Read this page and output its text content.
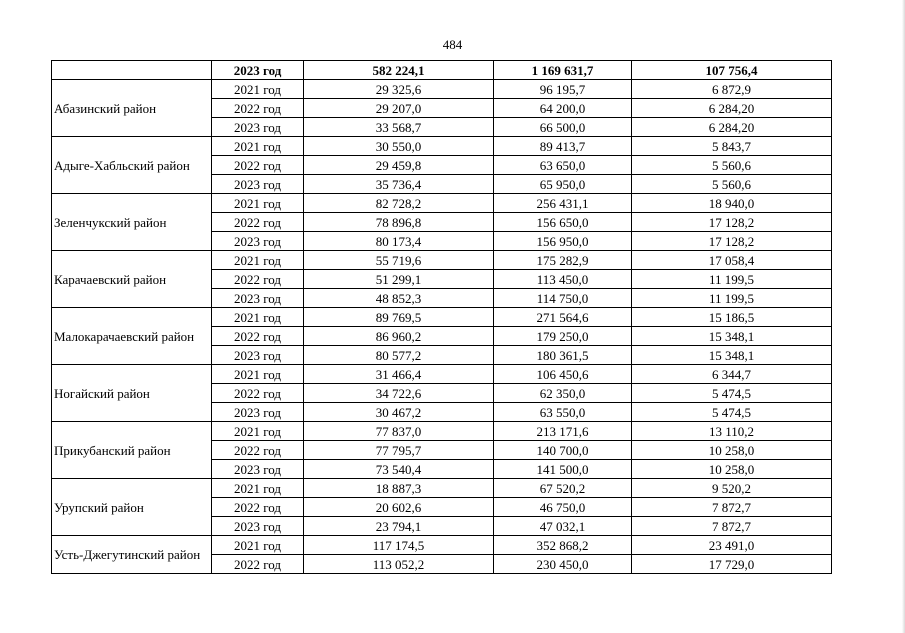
484
	2023 год	582 224,1	1 169 631,7	107 756,4
Абазинский район	2021 год	29 325,6	96 195,7	6 872,9
	2022 год	29 207,0	64 200,0	6 284,20
	2023 год	33 568,7	66 500,0	6 284,20
Адыге-Хабльский район	2021 год	30 550,0	89 413,7	5 843,7
	2022 год	29 459,8	63 650,0	5 560,6
	2023 год	35 736,4	65 950,0	5 560,6
Зеленчукский район	2021 год	82 728,2	256 431,1	18 940,0
	2022 год	78 896,8	156 650,0	17 128,2
	2023 год	80 173,4	156 950,0	17 128,2
Карачаевский район	2021 год	55 719,6	175 282,9	17 058,4
	2022 год	51 299,1	113 450,0	11 199,5
	2023 год	48 852,3	114 750,0	11 199,5
Малокарачаевский район	2021 год	89 769,5	271 564,6	15 186,5
	2022 год	86 960,2	179 250,0	15 348,1
	2023 год	80 577,2	180 361,5	15 348,1
Ногайский район	2021 год	31 466,4	106 450,6	6 344,7
	2022 год	34 722,6	62 350,0	5 474,5
	2023 год	30 467,2	63 550,0	5 474,5
Прикубанский район	2021 год	77 837,0	213 171,6	13 110,2
	2022 год	77 795,7	140 700,0	10 258,0
	2023 год	73 540,4	141 500,0	10 258,0
Урупский район	2021 год	18 887,3	67 520,2	9 520,2
	2022 год	20 602,6	46 750,0	7 872,7
	2023 год	23 794,1	47 032,1	7 872,7
Усть-Джегутинский район	2021 год	117 174,5	352 868,2	23 491,0
	2022 год	113 052,2	230 450,0	17 729,0
